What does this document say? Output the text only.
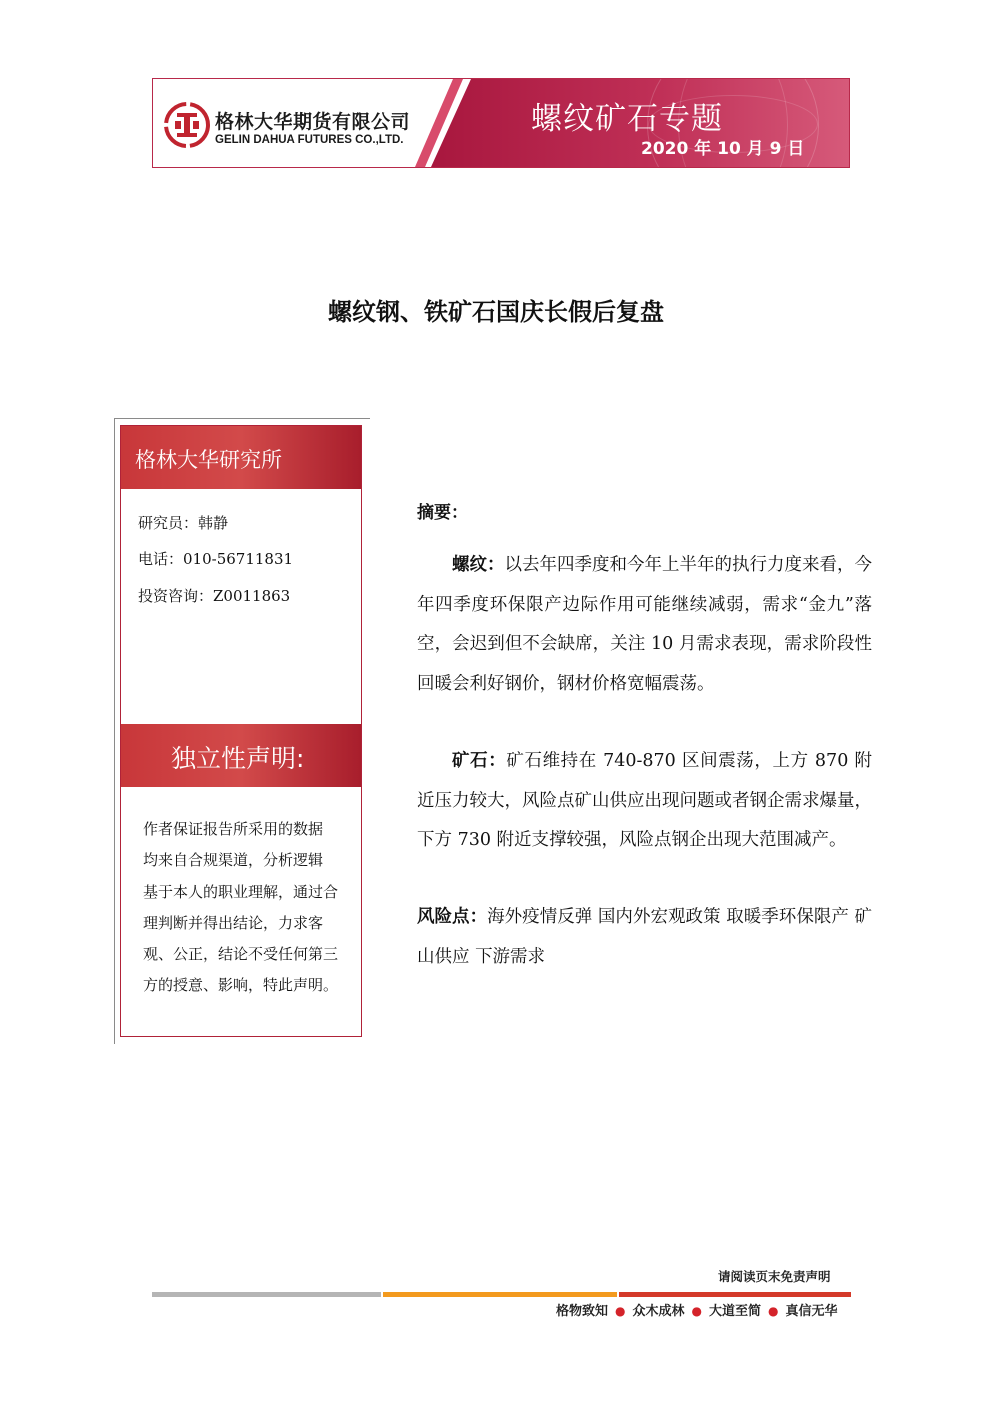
格林大华期货有限公司
GELIN DAHUA FUTURES CO.,LTD.
螺纹矿石专题
2020 年 10 月 9 日
螺纹钢、铁矿石国庆长假后复盘
格林大华研究所
研究员：韩静
电话：010-56711831
投资咨询：Z0011863
独立性声明:
作者保证报告所采用的数据
均来自合规渠道，分析逻辑
基于本人的职业理解，通过合
理判断并得出结论，力求客
观、公正，结论不受任何第三
方的授意、影响，特此声明。
摘要：
螺纹：以去年四季度和今年上半年的执行力度来看，今年四季度环保限产边际作用可能继续减弱，需求“金九”落空，会迟到但不会缺席，关注 10 月需求表现，需求阶段性回暖会利好钢价，钢材价格宽幅震荡。
矿石：矿石维持在 740-870 区间震荡，上方 870 附近压力较大，风险点矿山供应出现问题或者钢企需求爆量，下方 730 附近支撑较强，风险点钢企出现大范围减产。
风险点：海外疫情反弹 国内外宏观政策 取暖季环保限产 矿山供应 下游需求
请阅读页末免责声明
格物致知 ● 众木成林 ● 大道至简 ● 真信无华
